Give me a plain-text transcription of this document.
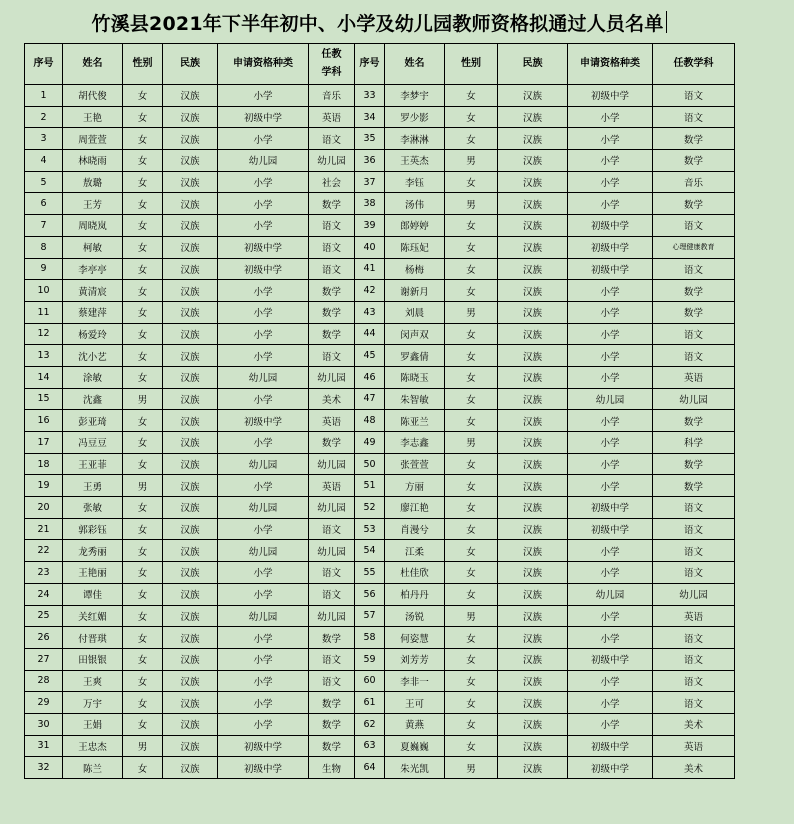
竹溪县2021年下半年初中、小学及幼儿园教师资格拟通过人员名单
序号	姓名	性别	民族	申请资格种类	任教学科	序号	姓名	性别	民族	申请资格种类	任教学科
1	胡代俊	女	汉族	小学	音乐	33	李梦宇	女	汉族	初级中学	语文
2	王艳	女	汉族	初级中学	英语	34	罗少影	女	汉族	小学	语文
3	周萱萱	女	汉族	小学	语文	35	李淋淋	女	汉族	小学	数学
4	林晓雨	女	汉族	幼儿园	幼儿园	36	王英杰	男	汉族	小学	数学
5	敖璐	女	汉族	小学	社会	37	李钰	女	汉族	小学	音乐
6	王芳	女	汉族	小学	数学	38	汤伟	男	汉族	小学	数学
7	周晓岚	女	汉族	小学	语文	39	郎婷婷	女	汉族	初级中学	语文
8	柯敏	女	汉族	初级中学	语文	40	陈珏妃	女	汉族	初级中学	心理健康教育
9	李亭亭	女	汉族	初级中学	语文	41	杨梅	女	汉族	初级中学	语文
10	黄清宸	女	汉族	小学	数学	42	谢新月	女	汉族	小学	数学
11	蔡建萍	女	汉族	小学	数学	43	刘晨	男	汉族	小学	数学
12	杨爱玲	女	汉族	小学	数学	44	闵声双	女	汉族	小学	语文
13	沈小艺	女	汉族	小学	语文	45	罗鑫倩	女	汉族	小学	语文
14	涂敏	女	汉族	幼儿园	幼儿园	46	陈晓玉	女	汉族	小学	英语
15	沈鑫	男	汉族	小学	美术	47	朱智敏	女	汉族	幼儿园	幼儿园
16	彭亚琦	女	汉族	初级中学	英语	48	陈亚兰	女	汉族	小学	数学
17	冯豆豆	女	汉族	小学	数学	49	李志鑫	男	汉族	小学	科学
18	王亚菲	女	汉族	幼儿园	幼儿园	50	张萱萱	女	汉族	小学	数学
19	王勇	男	汉族	小学	英语	51	方丽	女	汉族	小学	数学
20	张敏	女	汉族	幼儿园	幼儿园	52	廖江艳	女	汉族	初级中学	语文
21	郭彩钰	女	汉族	小学	语文	53	肖漫兮	女	汉族	初级中学	语文
22	龙秀丽	女	汉族	幼儿园	幼儿园	54	江柔	女	汉族	小学	语文
23	王艳丽	女	汉族	小学	语文	55	杜佳欣	女	汉族	小学	语文
24	谭佳	女	汉族	小学	语文	56	柏丹丹	女	汉族	幼儿园	幼儿园
25	关红媚	女	汉族	幼儿园	幼儿园	57	汤锐	男	汉族	小学	英语
26	付晋琪	女	汉族	小学	数学	58	何姿慧	女	汉族	小学	语文
27	田银银	女	汉族	小学	语文	59	刘芳芳	女	汉族	初级中学	语文
28	王爽	女	汉族	小学	语文	60	李非一	女	汉族	小学	语文
29	万宇	女	汉族	小学	数学	61	王可	女	汉族	小学	语文
30	王娟	女	汉族	小学	数学	62	黄燕	女	汉族	小学	美术
31	王忠杰	男	汉族	初级中学	数学	63	夏巍巍	女	汉族	初级中学	英语
32	陈兰	女	汉族	初级中学	生物	64	朱光凯	男	汉族	初级中学	美术
